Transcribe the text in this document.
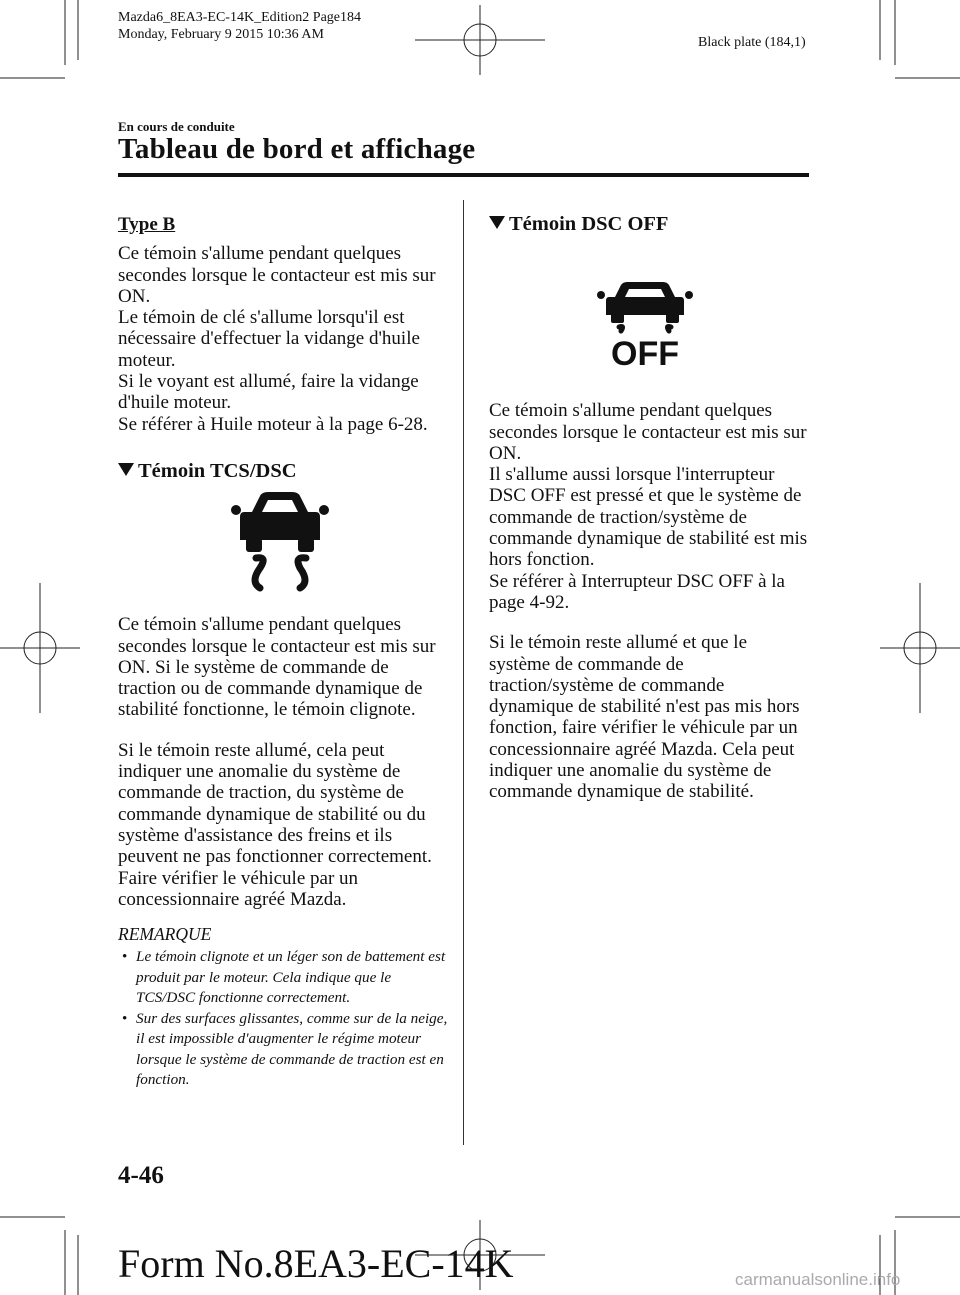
Mazda6_8EA3-EC-14K_Edition2 Page184
Monday, February 9 2015 10:36 AM
Black plate (184,1)
En cours de conduite
Tableau de bord et affichage

Type B

Ce témoin s'allume pendant quelques secondes lorsque le contacteur est mis sur ON.

Le témoin de clé s'allume lorsqu'il est nécessaire d'effectuer la vidange d'huile moteur.

Si le voyant est allumé, faire la vidange d'huile moteur.

Se référer à Huile moteur à la page 6-28.

Témoin TCS/DSC

Ce témoin s'allume pendant quelques secondes lorsque le contacteur est mis sur ON. Si le système de commande de traction ou de commande dynamique de stabilité fonctionne, le témoin clignote.

Si le témoin reste allumé, cela peut indiquer une anomalie du système de commande de traction, du système de commande dynamique de stabilité ou du système d'assistance des freins et ils peuvent ne pas fonctionner correctement. Faire vérifier le véhicule par un concessionnaire agréé Mazda.

REMARQUE

• Le témoin clignote et un léger son de battement est produit par le moteur. Cela indique que le TCS/DSC fonctionne correctement.

• Sur des surfaces glissantes, comme sur de la neige, il est impossible d'augmenter le régime moteur lorsque le système de commande de traction est en fonction.

Témoin DSC OFF

OFF

Ce témoin s'allume pendant quelques secondes lorsque le contacteur est mis sur ON.

Il s'allume aussi lorsque l'interrupteur DSC OFF est pressé et que le système de commande de traction/système de commande dynamique de stabilité est mis hors fonction.

Se référer à Interrupteur DSC OFF à la page 4-92.

Si le témoin reste allumé et que le système de commande de traction/système de commande dynamique de stabilité n'est pas mis hors fonction, faire vérifier le véhicule par un concessionnaire agréé Mazda. Cela peut indiquer une anomalie du système de commande dynamique de stabilité.

4-46
Form No.8EA3-EC-14K	carmanualsonline.info
